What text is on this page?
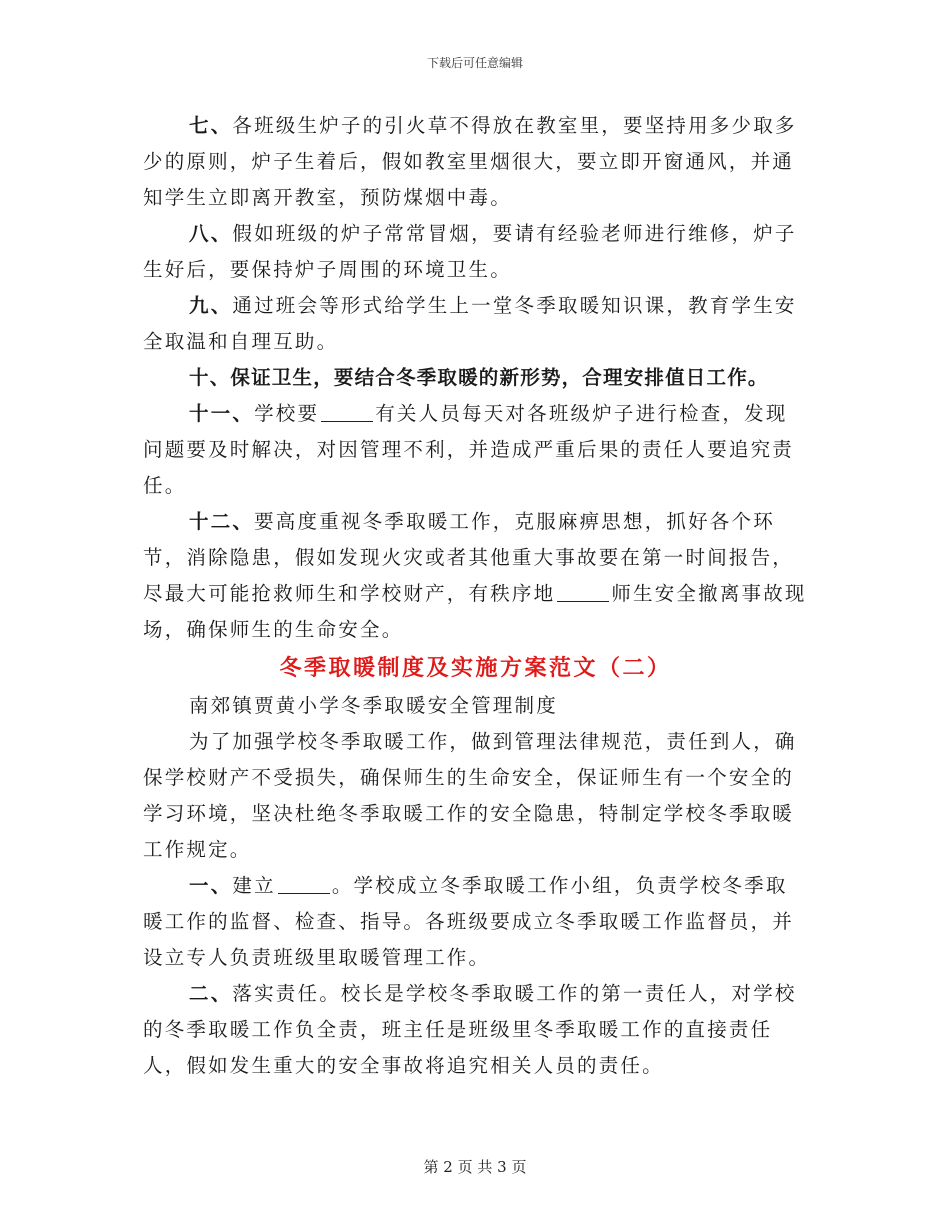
下载后可任意编辑

七、各班级生炉子的引火草不得放在教室里，要坚持用多少取多少的原则，炉子生着后，假如教室里烟很大，要立即开窗通风，并通知学生立即离开教室，预防煤烟中毒。

八、假如班级的炉子常常冒烟，要请有经验老师进行维修，炉子生好后，要保持炉子周围的环境卫生。

九、通过班会等形式给学生上一堂冬季取暖知识课，教育学生安全取温和自理互助。

十、保证卫生，要结合冬季取暖的新形势，合理安排值日工作。

十一、学校要	有关人员每天对各班级炉子进行检查，发现问题要及时解决，对因管理不利，并造成严重后果的责任人要追究责任。

十二、要高度重视冬季取暖工作，克服麻痹思想，抓好各个环节，消除隐患，假如发现火灾或者其他重大事故要在第一时间报告，尽最大可能抢救师生和学校财产，有秩序地	师生安全撤离事故现场，确保师生的生命安全。

冬季取暖制度及实施方案范文（二）

南郊镇贾黄小学冬季取暖安全管理制度

为了加强学校冬季取暖工作，做到管理法律规范，责任到人，确保学校财产不受损失，确保师生的生命安全，保证师生有一个安全的学习环境，坚决杜绝冬季取暖工作的安全隐患，特制定学校冬季取暖工作规定。

一、建立	。学校成立冬季取暖工作小组，负责学校冬季取暖工作的监督、检查、指导。各班级要成立冬季取暖工作监督员，并设立专人负责班级里取暖管理工作。

二、落实责任。校长是学校冬季取暖工作的第一责任人，对学校的冬季取暖工作负全责，班主任是班级里冬季取暖工作的直接责任人，假如发生重大的安全事故将追究相关人员的责任。

第 2 页 共 3 页
